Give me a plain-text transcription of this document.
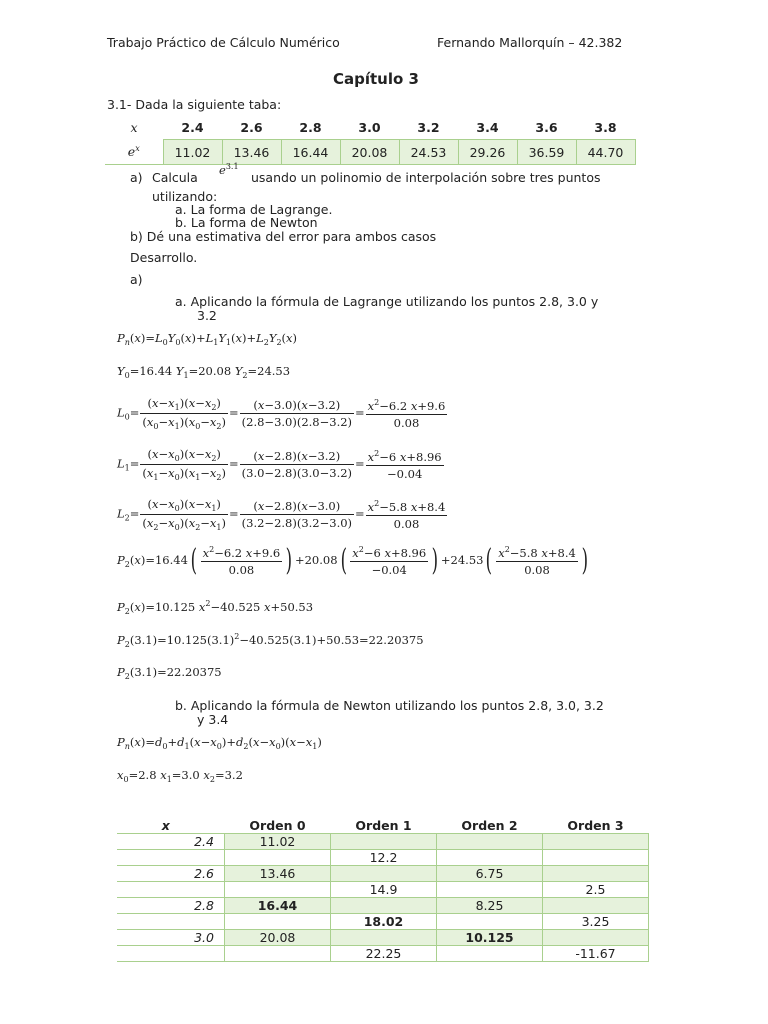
Trabajo Práctico de Cálculo Numérico	Fernando Mallorquín – 42.382
Capítulo 3
3.1- Dada la siguiente taba:
x	2.4	2.6	2.8	3.0	3.2	3.4	3.6	3.8
$e^x$	11.02	13.46	16.44	20.08	24.53	29.26	36.59	44.70
a) Calcula $e^{3.1}$
usando un polinomio de interpolación sobre tres puntos
utilizando:
a. La forma de Lagrange.
b. La forma de Newton
b) Dé una estimativa del error para ambos casos
Desarrollo.
a)
a. Aplicando la fórmula de Lagrange utilizando los puntos 2.8, 3.0 y
3.2
$P_n(x)=L_0Y_0(x)+L_1Y_1(x)+L_2Y_2(x)$
$Y_0=16.44$ $Y_1=20.08$ $Y_2=24.53$
$L_0= \frac{(x-x_1)(x-x_2)}{(x_0-x_1)(x_0-x_2)} = \frac{(x-3.0)(x-3.2)}{(2.8-3.0)(2.8-3.2)} = \frac{x^2-6.2 x+9.6}{0.08}$
$L_1= \frac{(x-x_0)(x-x_2)}{(x_1-x_0)(x_1-x_2)} = \frac{(x-2.8)(x-3.2)}{(3.0-2.8)(3.0-3.2)} = \frac{x^2-6 x+8.96}{-0.04}$
$L_2= \frac{(x-x_0)(x-x_1)}{(x_2-x_0)(x_2-x_1)} = \frac{(x-2.8)(x-3.0)}{(3.2-2.8)(3.2-3.0)} = \frac{x^2-5.8 x+8.4}{0.08}$
$P_2(x)=16.44( \frac{x^2-6.2 x+9.6}{0.08}$ ) $+20.08( \frac{x^2-6 x+8.96}{-0.04}$ ) $+24.53( \frac{x^2-5.8 x+8.4}{0.08}$ )
$P_2(x)=10.125$ $x^2-40.525$ x+50.53
$P_2(3.1)=10.125(3.1)^2-40.525(3.1)+50.53=22.20375$
$P_2(3.1)=22.20375$
b. Aplicando la fórmula de Newton utilizando los puntos 2.8, 3.0, 3.2
y 3.4
$P_n(x)=d_0+d_1(x-x_0)+d_2(x-x_0)(x-x_1)$
$x_0=2.8$ $x_1=3.0$ $x_2=3.2$
x	Orden 0	Orden 1	Orden 2	Orden 3
2.4	11.02			
		12.2		
2.6	13.46		6.75	
		14.9		2.5
2.8	16.44		8.25	
		18.02		3.25
3.0	20.08		10.125	
		22.25		-11.67
